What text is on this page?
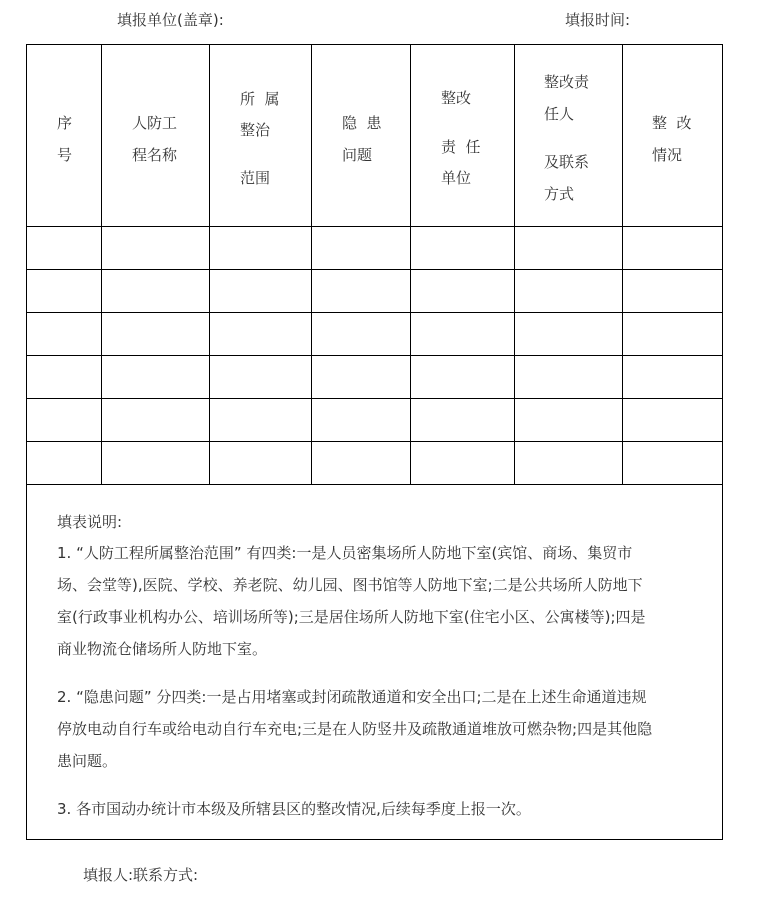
填报单位(盖章):	填报时间:
序
号
人防工
程名称
所  属
整治
范围
隐  患
问题
整改
责  任
单位
整改责
任人
及联系
方式
整  改
情况
填表说明:
1. “人防工程所属整治范围” 有四类:一是人员密集场所人防地下室(宾馆、商场、集贸市
场、会堂等),医院、学校、养老院、幼儿园、图书馆等人防地下室;二是公共场所人防地下
室(行政事业机构办公、培训场所等);三是居住场所人防地下室(住宅小区、公寓楼等);四是
商业物流仓储场所人防地下室。
2. “隐患问题” 分四类:一是占用堵塞或封闭疏散通道和安全出口;二是在上述生命通道违规
停放电动自行车或给电动自行车充电;三是在人防竖井及疏散通道堆放可燃杂物;四是其他隐
患问题。
3. 各市国动办统计市本级及所辖县区的整改情况,后续每季度上报一次。
填报人:联系方式:
